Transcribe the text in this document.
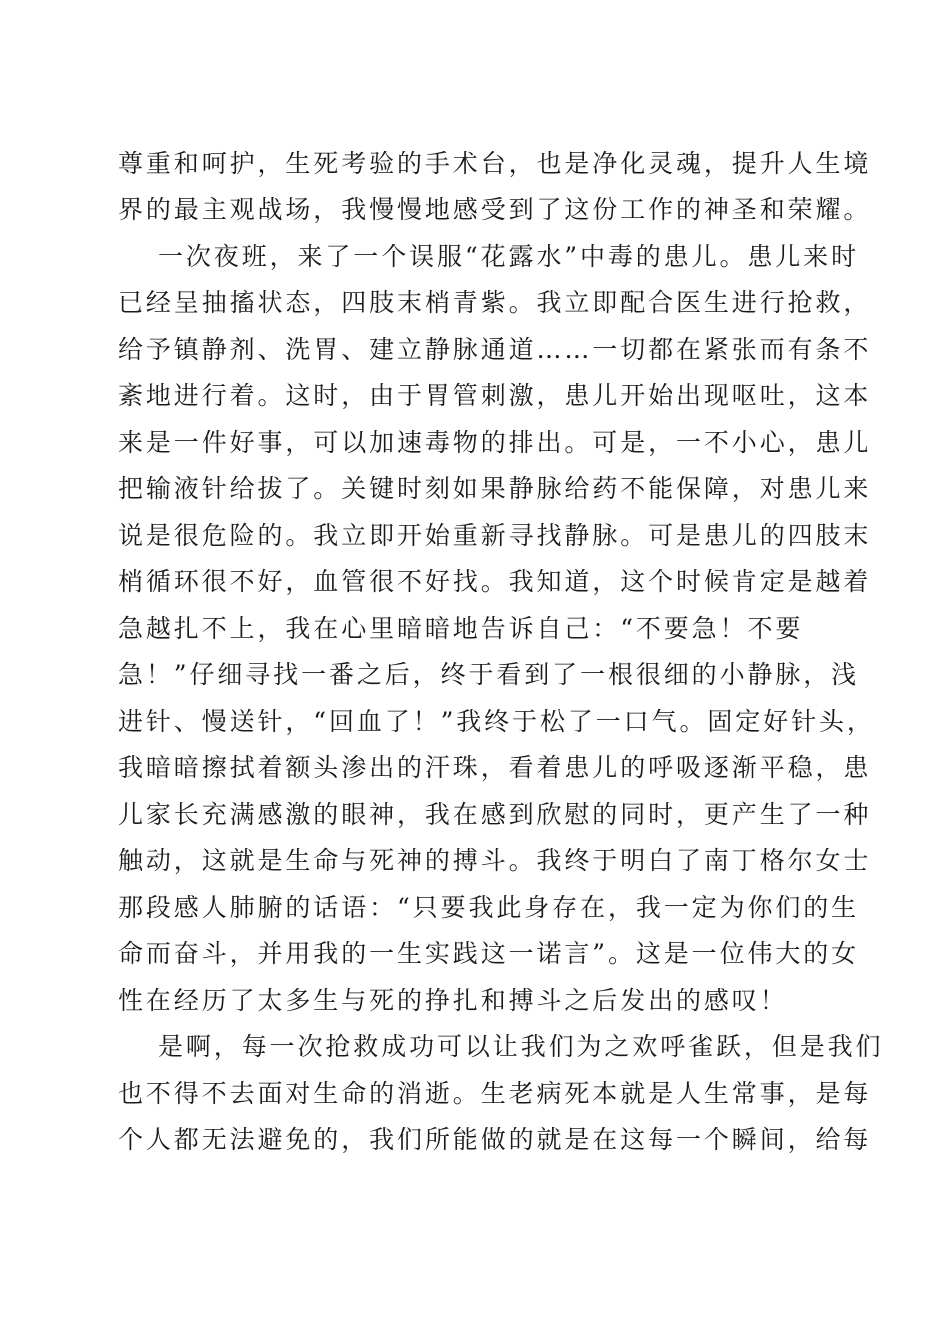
尊重和呵护，生死考验的手术台，也是净化灵魂，提升人生境
界的最主观战场，我慢慢地感受到了这份工作的神圣和荣耀。
一次夜班，来了一个误服“花露水”中毒的患儿。患儿来时
已经呈抽搐状态，四肢末梢青紫。我立即配合医生进行抢救，
给予镇静剂、洗胃、建立静脉通道……一切都在紧张而有条不
紊地进行着。这时，由于胃管刺激，患儿开始出现呕吐，这本
来是一件好事，可以加速毒物的排出。可是，一不小心，患儿
把输液针给拔了。关键时刻如果静脉给药不能保障，对患儿来
说是很危险的。我立即开始重新寻找静脉。可是患儿的四肢末
梢循环很不好，血管很不好找。我知道，这个时候肯定是越着
急越扎不上，我在心里暗暗地告诉自己：“不要急！不要
急！”仔细寻找一番之后，终于看到了一根很细的小静脉，浅
进针、慢送针，“回血了！”我终于松了一口气。固定好针头，
我暗暗擦拭着额头渗出的汗珠，看着患儿的呼吸逐渐平稳，患
儿家长充满感激的眼神，我在感到欣慰的同时，更产生了一种
触动，这就是生命与死神的搏斗。我终于明白了南丁格尔女士
那段感人肺腑的话语：“只要我此身存在，我一定为你们的生
命而奋斗，并用我的一生实践这一诺言”。这是一位伟大的女
性在经历了太多生与死的挣扎和搏斗之后发出的感叹！
是啊，每一次抢救成功可以让我们为之欢呼雀跃，但是我们
也不得不去面对生命的消逝。生老病死本就是人生常事，是每
个人都无法避免的，我们所能做的就是在这每一个瞬间，给每
